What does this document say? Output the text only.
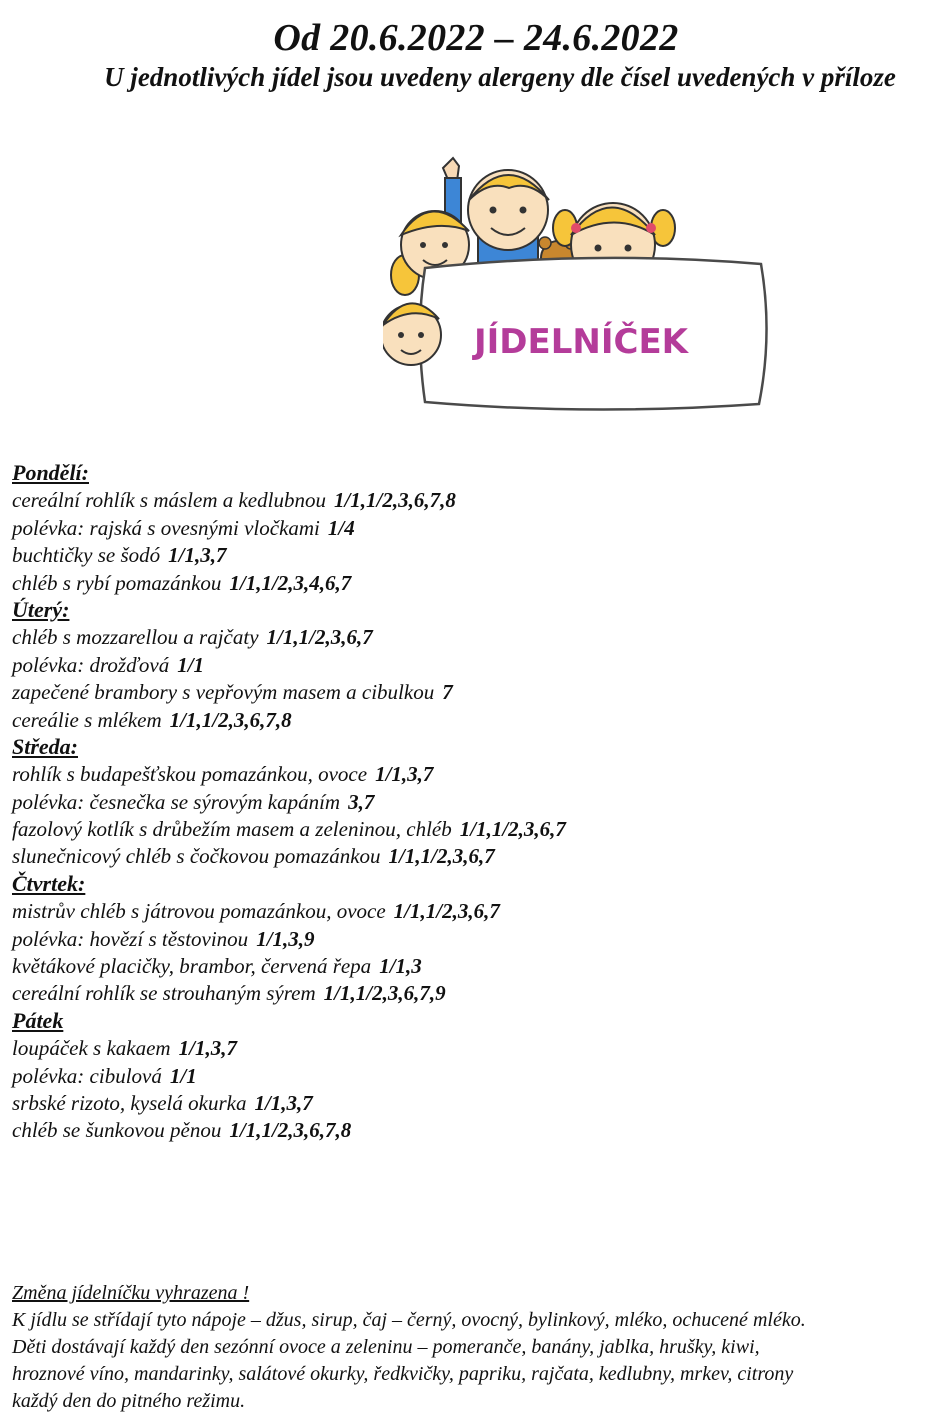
Od 20.6.2022 – 24.6.2022
U jednotlivých jídel jsou uvedeny alergeny dle čísel uvedených v příloze
JÍDELNÍČEK
Pondělí:
cereální rohlík s máslem a kedlubnou 1/1,1/2,3,6,7,8
polévka: rajská s ovesnými vločkami 1/4
buchtičky se šodó 1/1,3,7
chléb s rybí pomazánkou 1/1,1/2,3,4,6,7
Úterý:
chléb s mozzarellou a rajčaty 1/1,1/2,3,6,7
polévka: drožďová 1/1
zapečené brambory s vepřovým masem a cibulkou 7
cereálie s mlékem 1/1,1/2,3,6,7,8
Středa:
rohlík s budapešťskou pomazánkou, ovoce 1/1,3,7
polévka: česnečka se sýrovým kapáním 3,7
fazolový kotlík s drůbežím masem a zeleninou, chléb 1/1,1/2,3,6,7
slunečnicový chléb s čočkovou pomazánkou 1/1,1/2,3,6,7
Čtvrtek:
mistrův chléb s játrovou pomazánkou, ovoce 1/1,1/2,3,6,7
polévka: hovězí s těstovinou 1/1,3,9
květákové placičky, brambor, červená řepa 1/1,3
cereální rohlík se strouhaným sýrem 1/1,1/2,3,6,7,9
Pátek
loupáček s kakaem 1/1,3,7
polévka: cibulová 1/1
srbské rizoto, kyselá okurka 1/1,3,7
chléb se šunkovou pěnou 1/1,1/2,3,6,7,8
Změna jídelníčku vyhrazena !

K jídlu se střídají tyto nápoje – džus, sirup, čaj – černý, ovocný, bylinkový, mléko, ochucené mléko.

Děti dostávají každý den sezónní ovoce a zeleninu – pomeranče, banány, jablka, hrušky, kiwi,

hroznové víno, mandarinky, salátové okurky, ředkvičky, papriku, rajčata, kedlubny, mrkev, citrony

každý den do pitného režimu.
